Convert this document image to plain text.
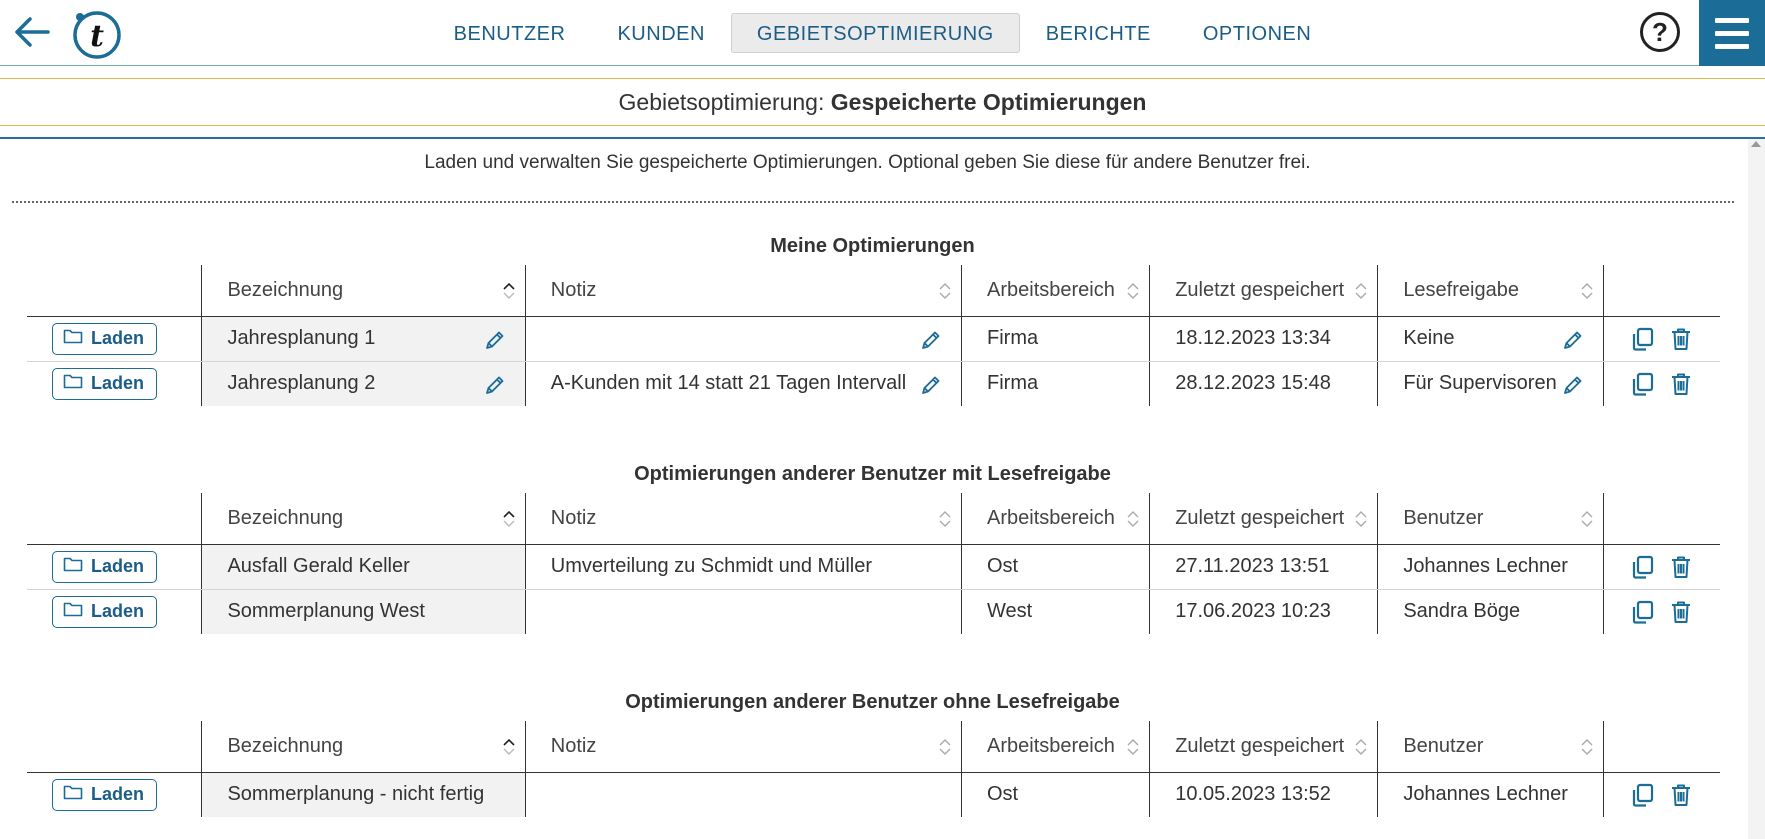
t	BENUTZER	KUNDEN	GEBIETSOPTIMIERUNG	BERICHTE	OPTIONEN	?
Gebietsoptimierung: Gespeicherte Optimierungen
Laden und verwalten Sie gespeicherte Optimierungen. Optional geben Sie diese für andere Benutzer frei.
Meine Optimierungen
	Bezeichnung	Notiz	Arbeitsbereich	Zuletzt gespeichert	Lesefreigabe

Laden	Jahresplanung 1		Firma	18.12.2023 13:34	Keine

Laden	Jahresplanung 2	A-Kunden mit 14 statt 21 Tagen Intervall	Firma	28.12.2023 15:48	Für Supervisoren

Optimierungen anderer Benutzer mit Lesefreigabe
	Bezeichnung	Notiz	Arbeitsbereich	Zuletzt gespeichert	Benutzer

Laden	Ausfall Gerald Keller	Umverteilung zu Schmidt und Müller	Ost	27.11.2023 13:51	Johannes Lechner	

Laden	Sommerplanung West		West	17.06.2023 10:23	Sandra Böge	
Optimierungen anderer Benutzer ohne Lesefreigabe
	Bezeichnung	Notiz	Arbeitsbereich	Zuletzt gespeichert	Benutzer

Laden	Sommerplanung - nicht fertig		Ost	10.05.2023 13:52	Johannes Lechner	
